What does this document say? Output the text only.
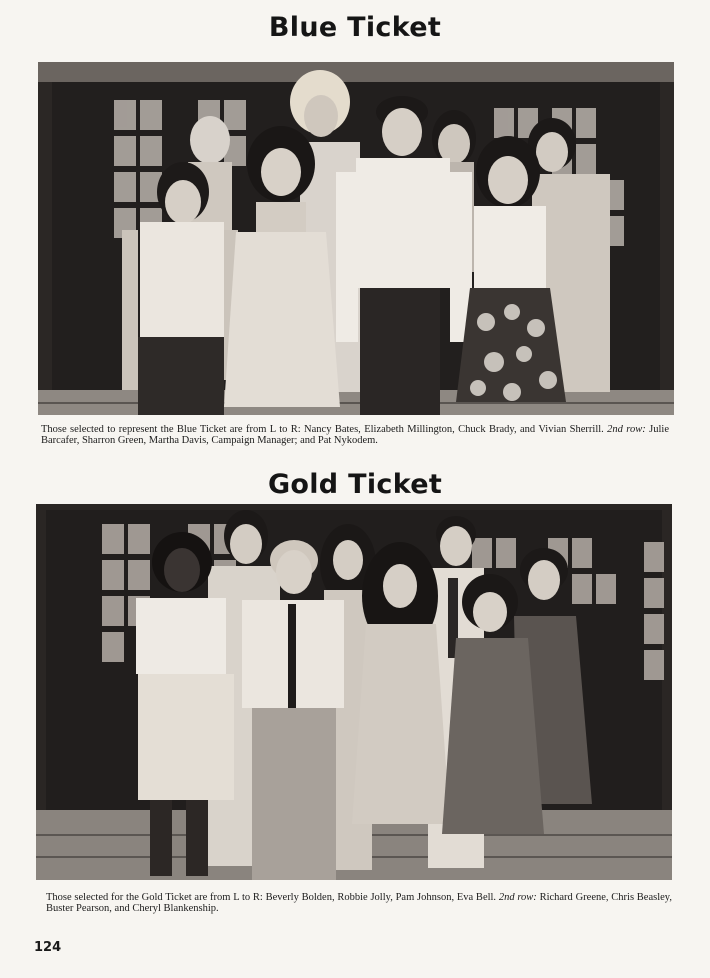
Blue Ticket
Those selected to represent the Blue Ticket are from L to R: Nancy Bates, Elizabeth Millington, Chuck Brady, and Vivian Sherrill. 2nd row: Julie Barcafer, Sharron Green, Martha Davis, Campaign Manager; and Pat Nykodem.
Gold Ticket
Those selected for the Gold Ticket are from L to R: Beverly Bolden, Robbie Jolly, Pam Johnson, Eva Bell. 2nd row: Richard Greene, Chris Beasley, Buster Pearson, and Cheryl Blankenship.
124
